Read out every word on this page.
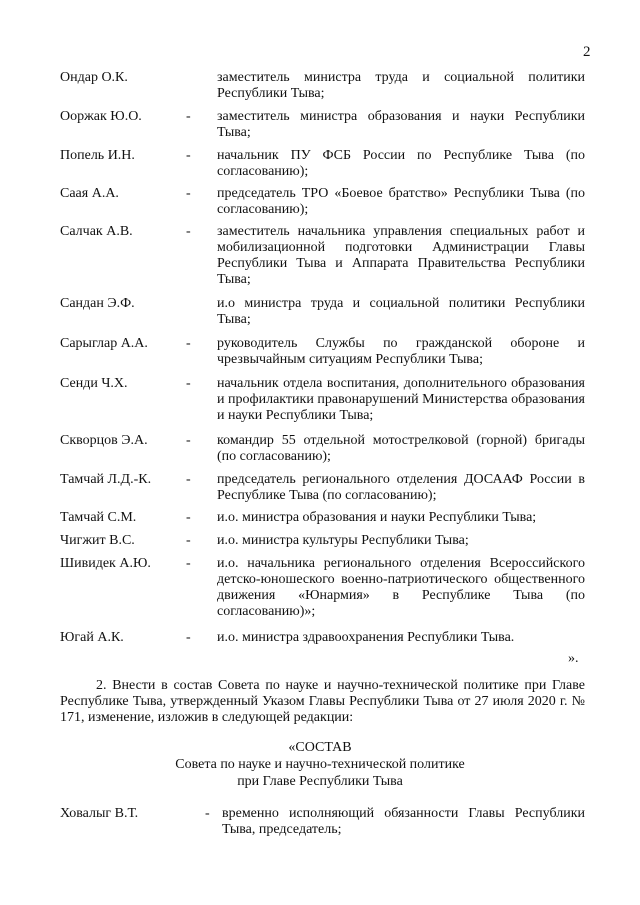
2
Ондар О.К.	заместитель министра труда и социальной политики Республики Тыва;
Ооржак Ю.О.	- заместитель министра образования и науки Республики Тыва;
Попель И.Н.	- начальник ПУ ФСБ России по Республике Тыва (по согласованию);
Саая А.А.	- председатель ТРО «Боевое братство» Республики Тыва (по согласованию);
Салчак А.В.	- заместитель начальника управления специальных работ и мобилизационной подготовки Администрации Главы Республики Тыва и Аппарата Правительства Республики Тыва;
Сандан Э.Ф.	и.о министра труда и социальной политики Республики Тыва;
Сарыглар А.А.	- руководитель Службы по гражданской обороне и чрезвычайным ситуациям Республики Тыва;
Сенди Ч.Х.	- начальник отдела воспитания, дополнительного образования и профилактики правонарушений Министерства образования и науки Республики Тыва;
Скворцов Э.А.	- командир 55 отдельной мотострелковой (горной) бригады (по согласованию);
Тамчай Л.Д.-К. - председатель регионального отделения ДОСААФ России в Республике Тыва (по согласованию);
Тамчай С.М.	- и.о. министра образования и науки Республики Тыва;
Чигжит В.С.	- и.о. министра культуры Республики Тыва;
Шивидек А.Ю.	- и.о. начальника регионального отделения Всероссийского детско-юношеского военно-патриотического общественного движения «Юнармия» в Республике Тыва (по согласованию)»;
Югай А.К.	- и.о. министра здравоохранения Республики Тыва.
».
2. Внести в состав Совета по науке и научно-технической политике при Главе Республике Тыва, утвержденный Указом Главы Республики Тыва от 27 июля 2020 г. № 171, изменение, изложив в следующей редакции:
«СОСТАВ
Совета по науке и научно-технической политике
при Главе Республики Тыва
Ховалыг В.Т.	- временно исполняющий обязанности Главы Республики Тыва, председатель;
